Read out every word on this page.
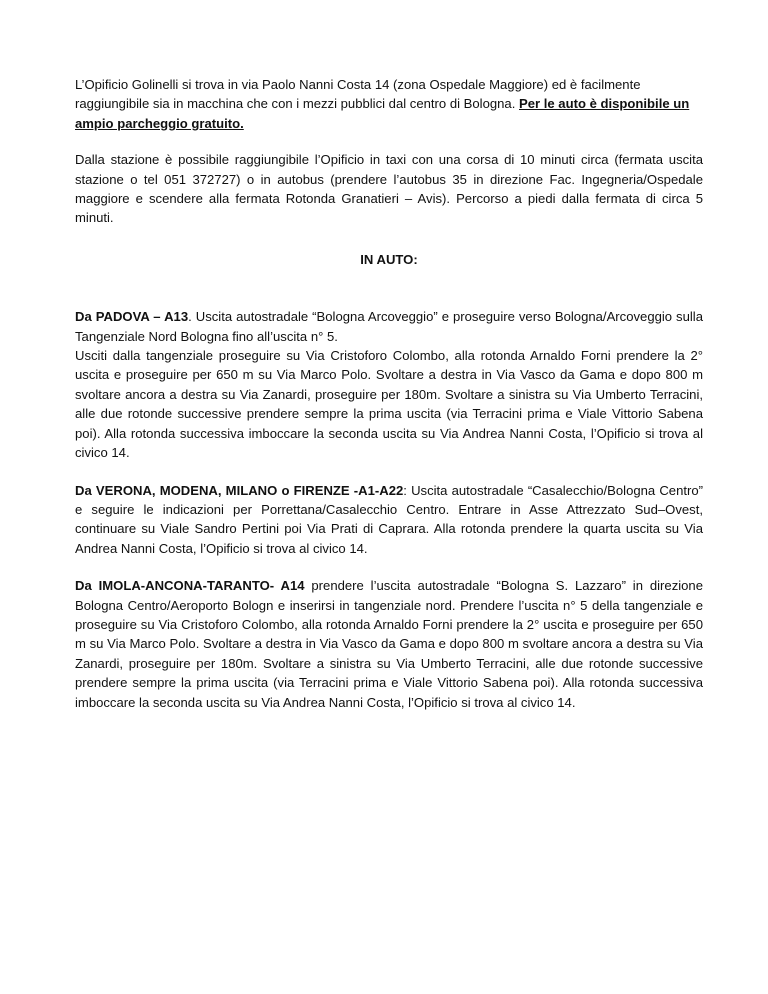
L’Opificio Golinelli si trova in via Paolo Nanni Costa 14 (zona Ospedale Maggiore) ed è facilmente raggiungibile sia in macchina che con i mezzi pubblici dal centro di Bologna. Per le auto è disponibile un ampio parcheggio gratuito.

Dalla stazione è possibile raggiungibile l’Opificio in taxi con una corsa di 10 minuti circa (fermata uscita stazione o tel 051 372727) o in autobus (prendere l’autobus 35 in direzione Fac. Ingegneria/Ospedale maggiore e scendere alla fermata Rotonda Granatieri – Avis). Percorso a piedi dalla fermata di circa 5 minuti.

IN AUTO:

Da PADOVA – A13. Uscita autostradale “Bologna Arcoveggio” e proseguire verso Bologna/Arcoveggio sulla Tangenziale Nord Bologna fino all’uscita n° 5.
Usciti dalla tangenziale proseguire su Via Cristoforo Colombo, alla rotonda Arnaldo Forni prendere la 2° uscita e proseguire per 650 m su Via Marco Polo. Svoltare a destra in Via Vasco da Gama e dopo 800 m svoltare ancora a destra su Via Zanardi, proseguire per 180m. Svoltare a sinistra su Via Umberto Terracini, alle due rotonde successive prendere sempre la prima uscita (via Terracini prima e Viale Vittorio Sabena poi). Alla rotonda successiva imboccare la seconda uscita su Via Andrea Nanni Costa, l’Opificio si trova al civico 14.

Da VERONA, MODENA, MILANO o FIRENZE -A1-A22: Uscita autostradale “Casalecchio/Bologna Centro” e seguire le indicazioni per Porrettana/Casalecchio Centro. Entrare in Asse Attrezzato Sud–Ovest, continuare su Viale Sandro Pertini poi Via Prati di Caprara. Alla rotonda prendere la quarta uscita su Via Andrea Nanni Costa, l’Opificio si trova al civico 14.

Da IMOLA-ANCONA-TARANTO- A14 prendere l’uscita autostradale “Bologna S. Lazzaro” in direzione Bologna Centro/Aeroporto Bologn e inserirsi in tangenziale nord. Prendere l’uscita n° 5 della tangenziale e proseguire su Via Cristoforo Colombo, alla rotonda Arnaldo Forni prendere la 2° uscita e proseguire per 650 m su Via Marco Polo. Svoltare a destra in Via Vasco da Gama e dopo 800 m svoltare ancora a destra su Via Zanardi, proseguire per 180m. Svoltare a sinistra su Via Umberto Terracini, alle due rotonde successive prendere sempre la prima uscita (via Terracini prima e Viale Vittorio Sabena poi). Alla rotonda successiva imboccare la seconda uscita su Via Andrea Nanni Costa, l’Opificio si trova al civico 14.
